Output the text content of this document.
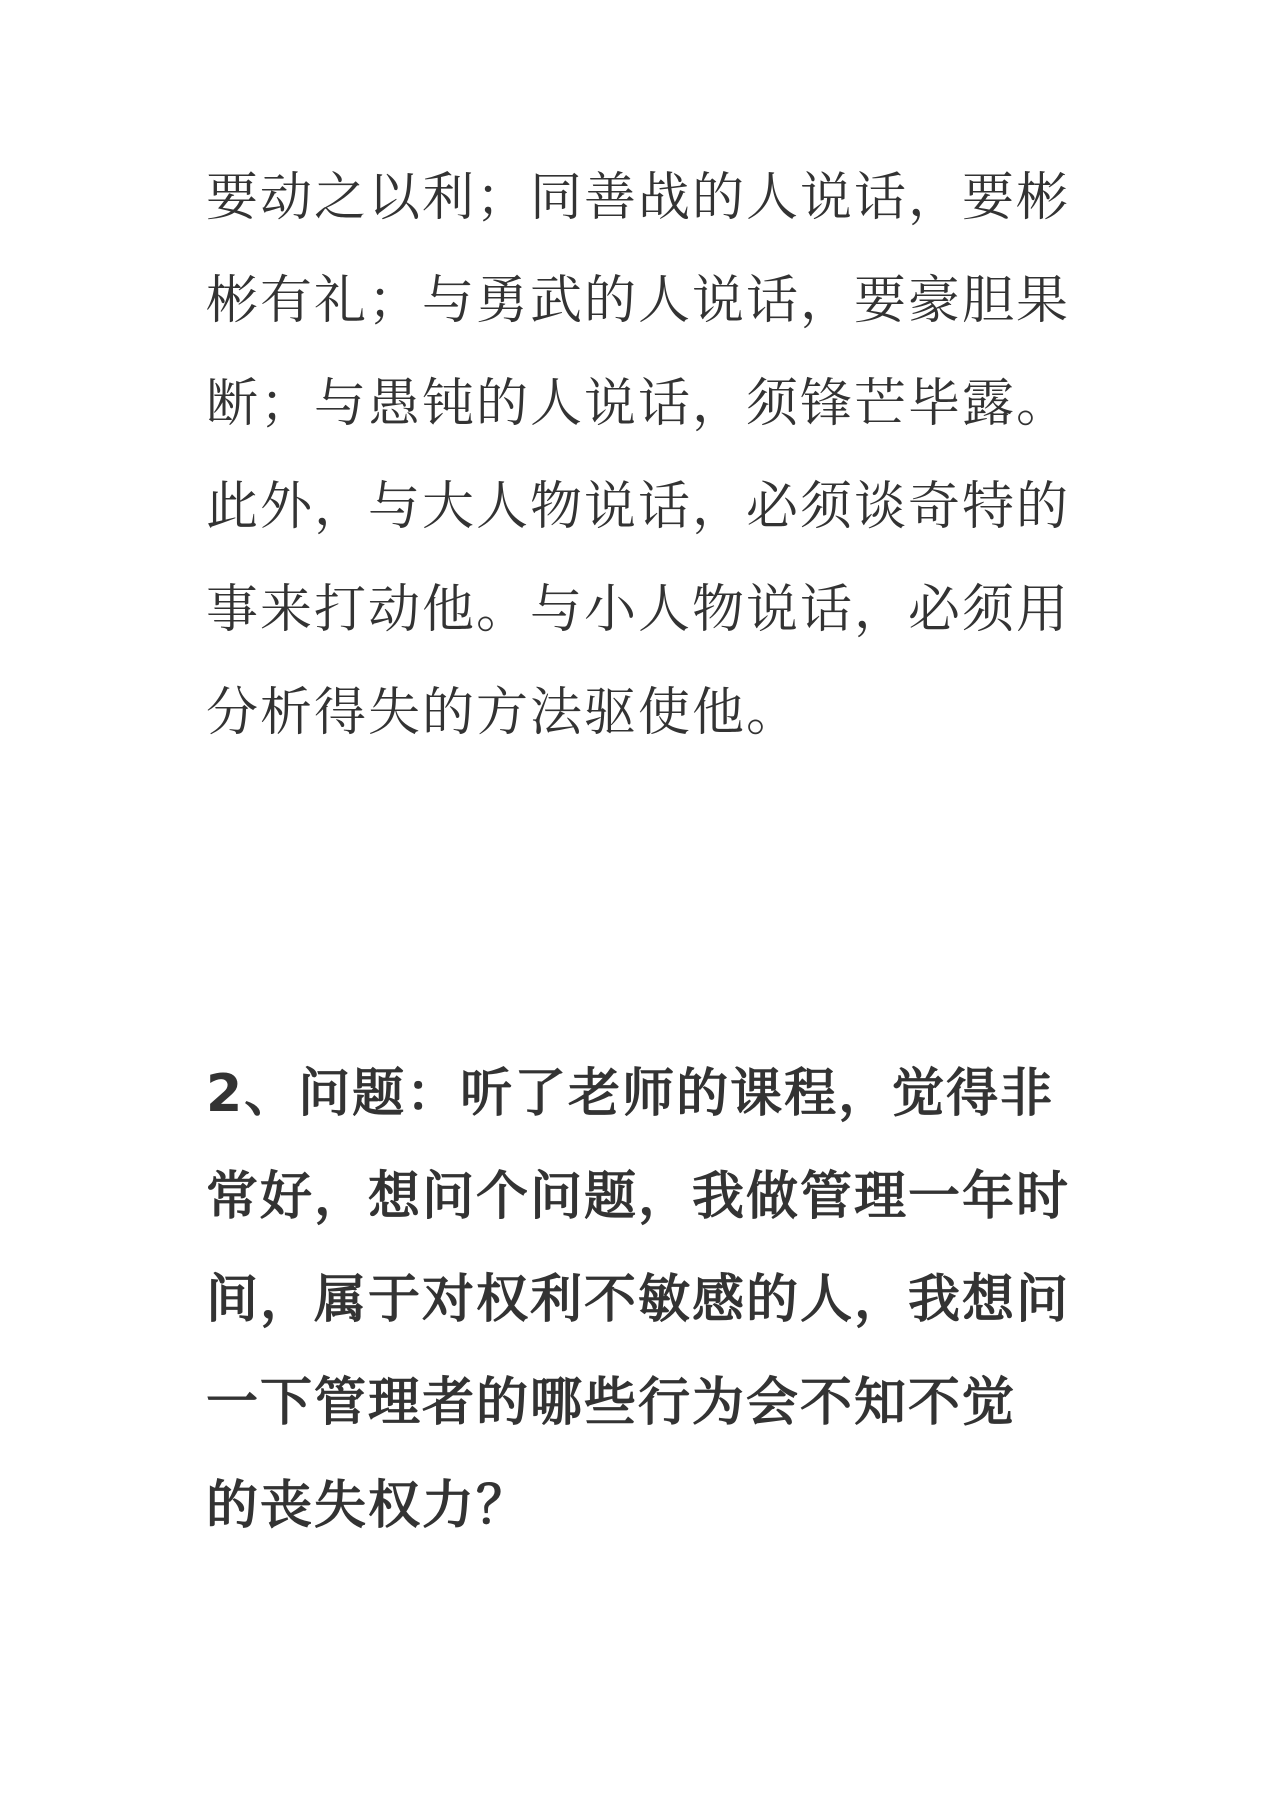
要动之以利；同善战的人说话，要彬
彬有礼；与勇武的人说话，要豪胆果
断；与愚钝的人说话，须锋芒毕露。
此外，与大人物说话，必须谈奇特的
事来打动他。与小人物说话，必须用
分析得失的方法驱使他。
2、问题：听了老师的课程，觉得非
常好，想问个问题，我做管理一年时
间，属于对权利不敏感的人，我想问
一下管理者的哪些行为会不知不觉
的丧失权力？
